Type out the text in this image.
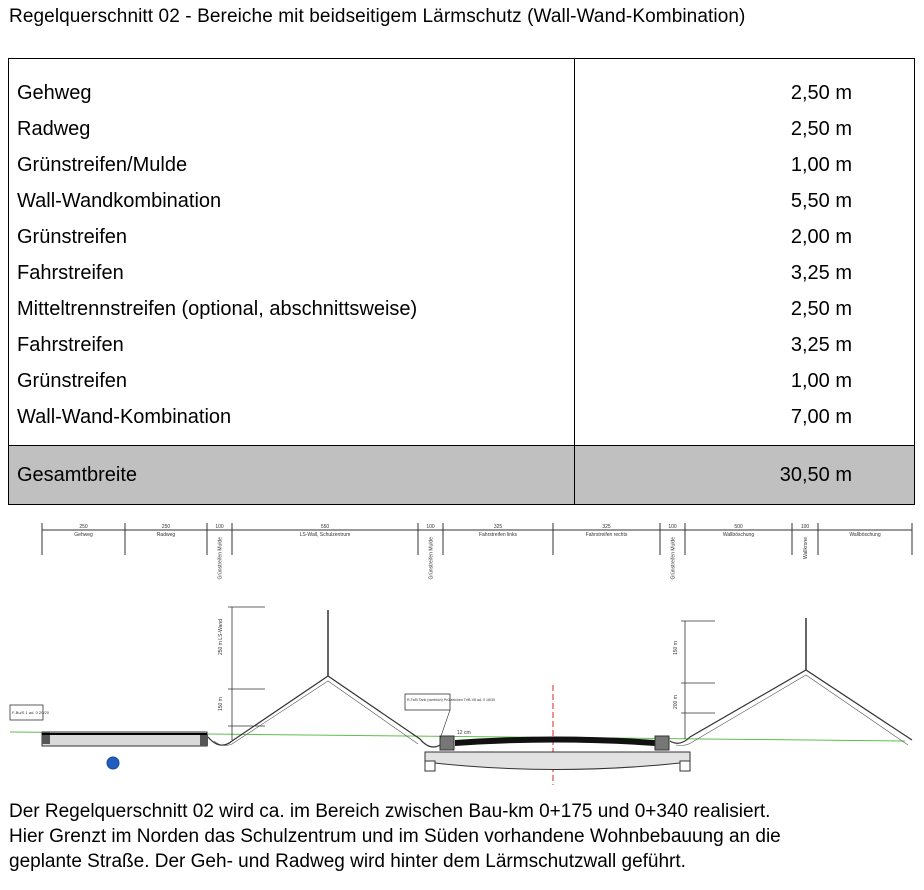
Regelquerschnitt 02 - Bereiche mit beidseitigem Lärmschutz (Wall-Wand-Kombination)

Gehweg	2,50 m
Radweg	2,50 m
Grünstreifen/Mulde	1,00 m
Wall-Wandkombination	5,50 m
Grünstreifen	2,00 m
Fahrstreifen	3,25 m
Mitteltrennstreifen (optional, abschnittsweise)	2,50 m
Fahrstreifen	3,25 m
Grünstreifen	1,00 m
Wall-Wand-Kombination	7,00 m

Gesamtbreite	30,50 m
250
Gehweg
250
Radweg
100
Grünstreifen Mulde
550
LS-Wall, Schulzentrum
100
Grünstreifen Mulde
325
Fahrstreifen links
325
Fahrstreifen rechts
100
Grünstreifen Mulde
500
Wallböschung
100
Wallkrone
Wallböschung
250 m LS-Wand
150 m
150 m
200 m
F-Bu/S 1 ad. 0 20/20
R-Ts/B Tank (werblich) Prüfzeichen Tr/B-V8 ad. 0 18/30
12 cm
Der Regelquerschnitt 02 wird ca. im Bereich zwischen Bau-km 0+175 und 0+340 realisiert.
Hier Grenzt im Norden das Schulzentrum und im Süden vorhandene Wohnbebauung an die
geplante Straße. Der Geh- und Radweg wird hinter dem Lärmschutzwall geführt.
